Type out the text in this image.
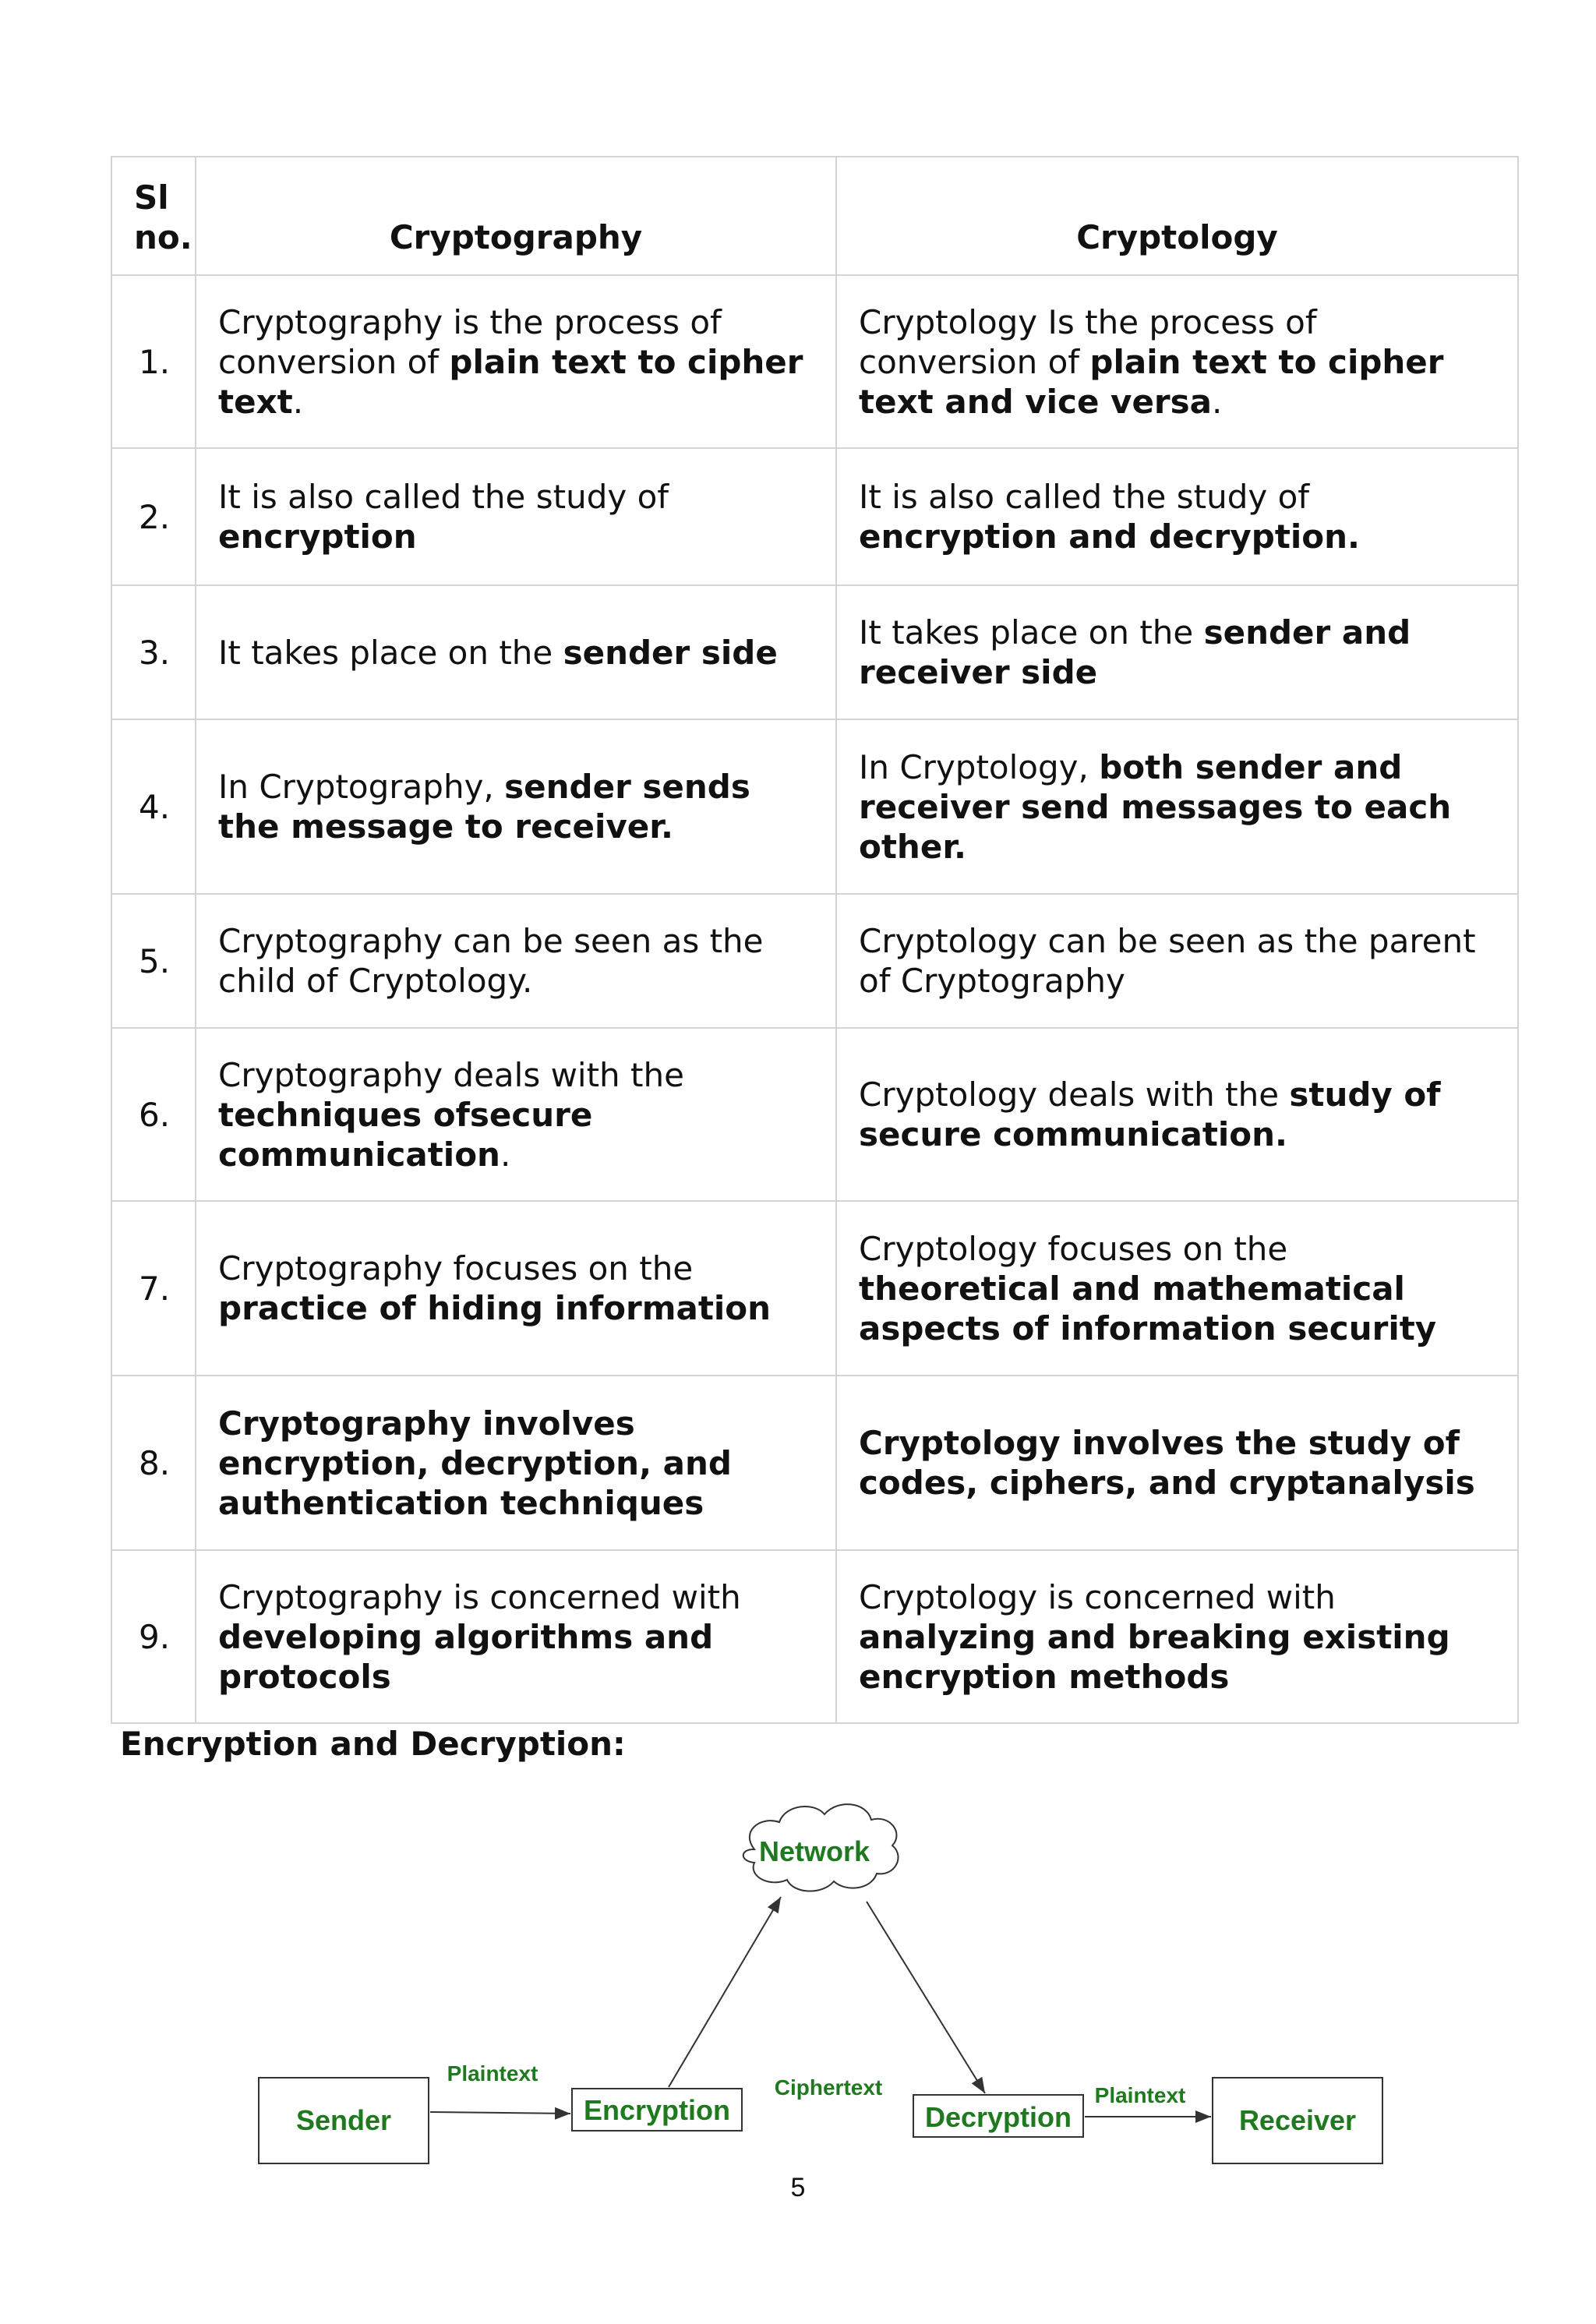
Sl
no.	Cryptography	Cryptology
1.	Cryptography is the process of conversion of plain text to cipher text.	Cryptology Is the process of conversion of plain text to cipher text and vice versa.
2.	It is also called the study of encryption	It is also called the study of encryption and decryption.
3.	It takes place on the sender side	It takes place on the sender and receiver side
4.	In Cryptography, sender sends the message to receiver.	In Cryptology, both sender and receiver send messages to each other.
5.	Cryptography can be seen as the child of Cryptology.	Cryptology can be seen as the parent of Cryptography
6.	Cryptography deals with the techniques ofsecure communication.	Cryptology deals with the study of secure communication.
7.	Cryptography focuses on the practice of hiding information	Cryptology focuses on the theoretical and mathematical aspects of information security
8.	Cryptography involves encryption, decryption, and authentication techniques	Cryptology involves the study of codes, ciphers, and cryptanalysis
9.	Cryptography is concerned with developing algorithms and protocols	Cryptology is concerned with analyzing and breaking existing encryption methods
Encryption and Decryption:
Network
Sender	Encryption	Decryption	Receiver
Plaintext
Ciphertext	Plaintext
5
